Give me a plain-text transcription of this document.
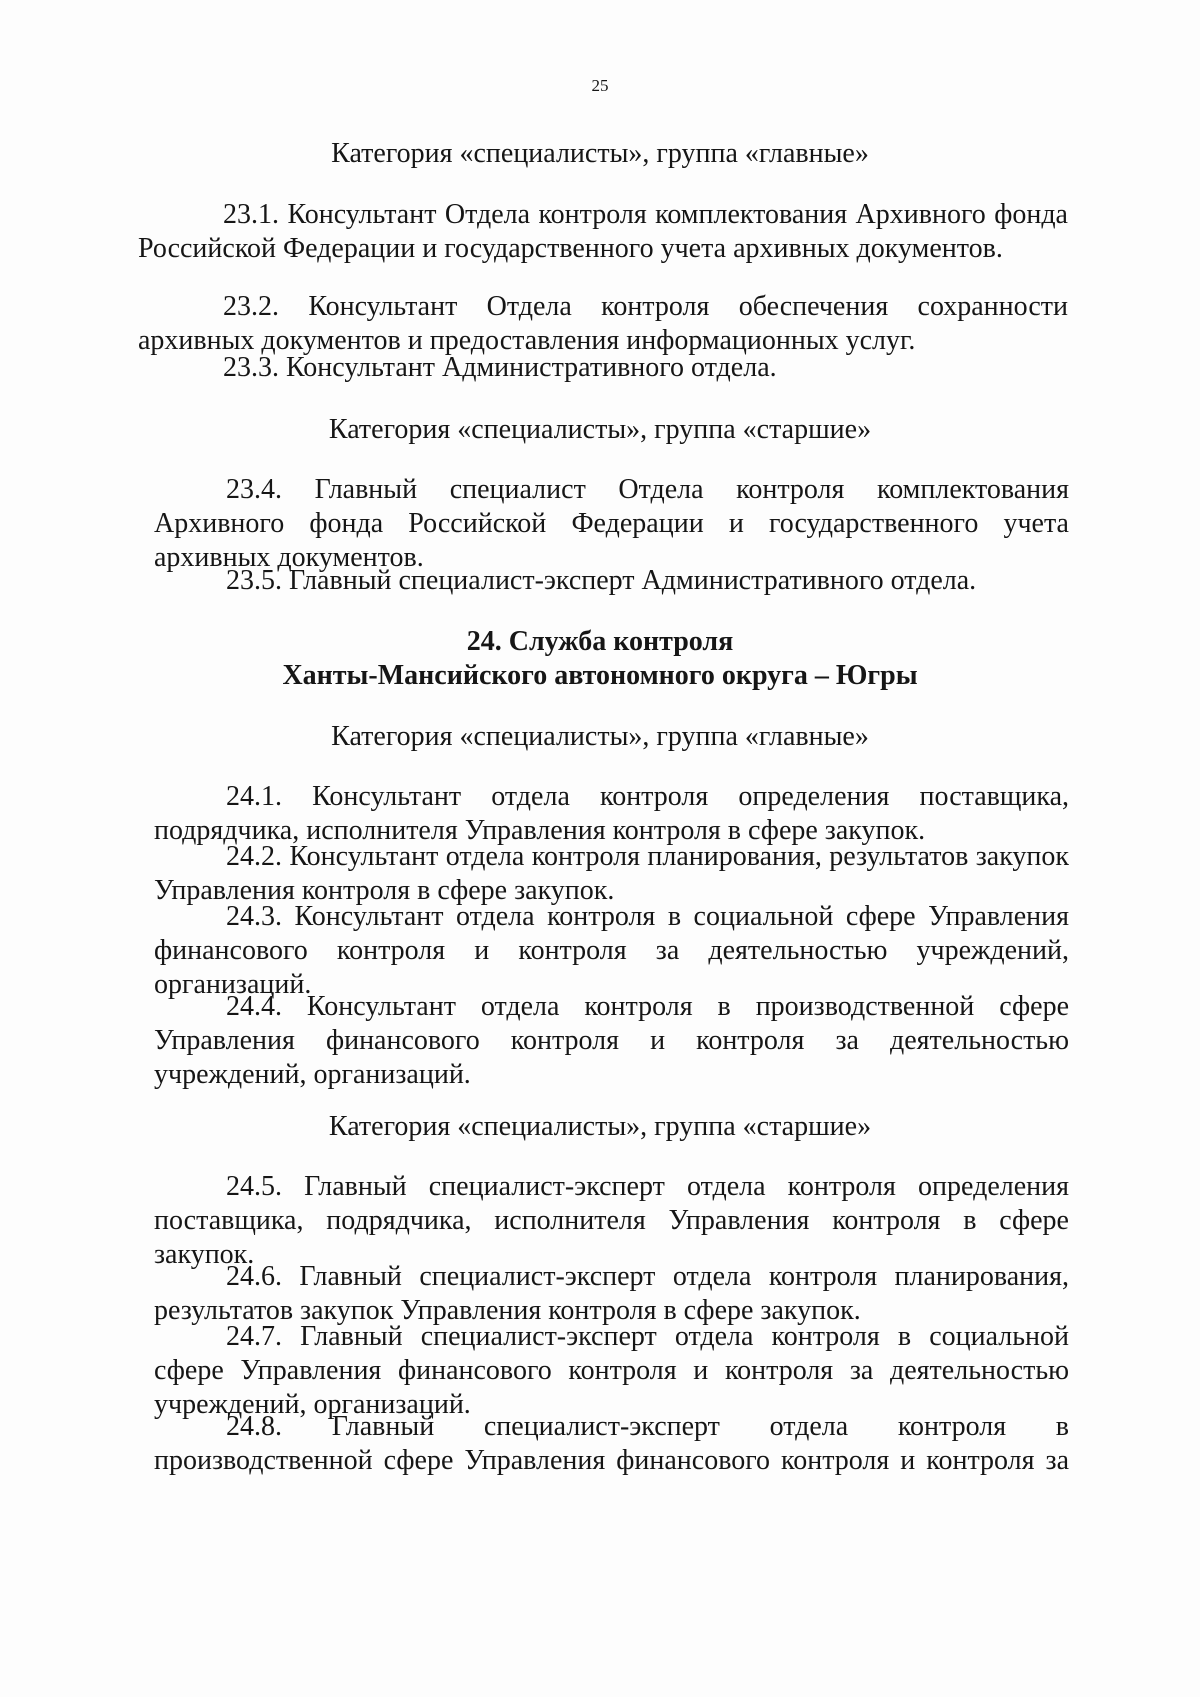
25
Категория «специалисты», группа «главные»
23.1. Консультант Отдела контроля комплектования Архивного фонда Российской Федерации и государственного учета архивных документов.
23.2. Консультант Отдела контроля обеспечения сохранности архивных документов и предоставления информационных услуг.
23.3. Консультант Административного отдела.
Категория «специалисты», группа «старшие»
23.4. Главный специалист Отдела контроля комплектования Архивного фонда Российской Федерации и государственного учета архивных документов.
23.5. Главный специалист-эксперт Административного отдела.
24. Служба контроля
Ханты-Мансийского автономного округа – Югры
Категория «специалисты», группа «главные»
24.1. Консультант отдела контроля определения поставщика, подрядчика, исполнителя Управления контроля в сфере закупок.
24.2. Консультант отдела контроля планирования, результатов закупок Управления контроля в сфере закупок.
24.3. Консультант отдела контроля в социальной сфере Управления финансового контроля и контроля за деятельностью учреждений, организаций.
24.4. Консультант отдела контроля в производственной сфере Управления финансового контроля и контроля за деятельностью учреждений, организаций.
Категория «специалисты», группа «старшие»
24.5. Главный специалист-эксперт отдела контроля определения поставщика, подрядчика, исполнителя Управления контроля в сфере закупок.
24.6. Главный специалист-эксперт отдела контроля планирования, результатов закупок Управления контроля в сфере закупок.
24.7. Главный специалист-эксперт отдела контроля в социальной сфере Управления финансового контроля и контроля за деятельностью учреждений, организаций.
24.8. Главный специалист-эксперт отдела контроля в производственной сфере Управления финансового контроля и контроля за
